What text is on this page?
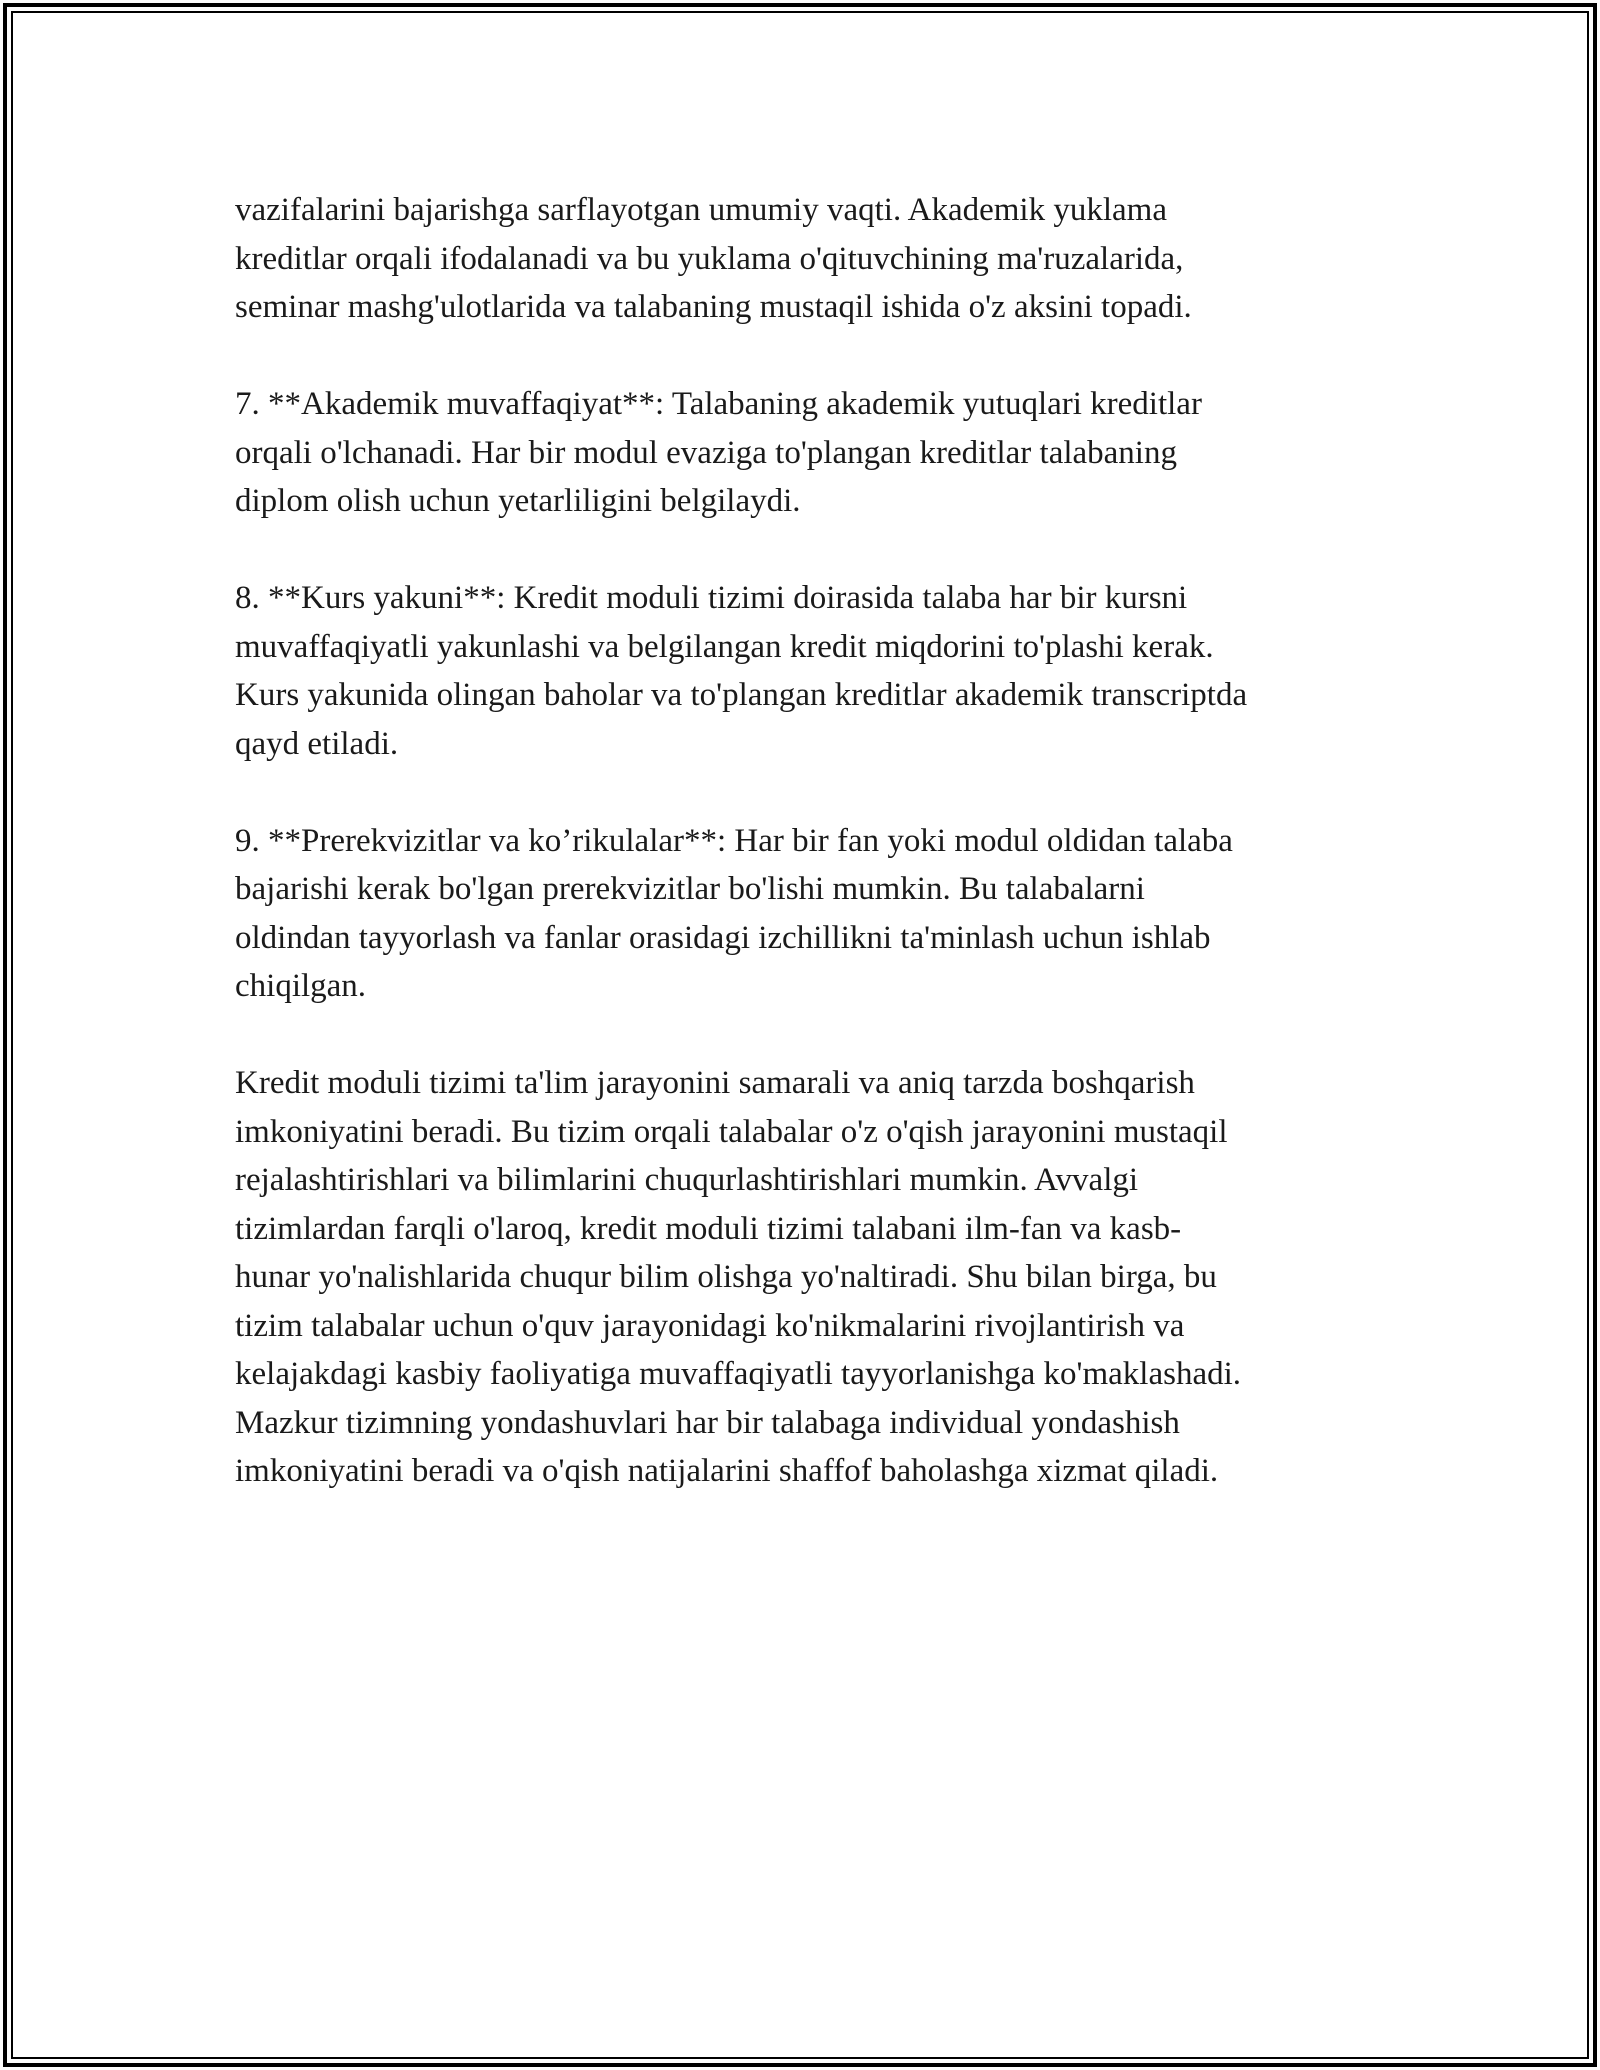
vazifalarini bajarishga sarflayotgan umumiy vaqti. Akademik yuklama
kreditlar orqali ifodalanadi va bu yuklama o'qituvchining ma'ruzalarida,
seminar mashg'ulotlarida va talabaning mustaqil ishida o'z aksini topadi.

7. **Akademik muvaffaqiyat**: Talabaning akademik yutuqlari kreditlar
orqali o'lchanadi. Har bir modul evaziga to'plangan kreditlar talabaning
diplom olish uchun yetarliligini belgilaydi.

8. **Kurs yakuni**: Kredit moduli tizimi doirasida talaba har bir kursni
muvaffaqiyatli yakunlashi va belgilangan kredit miqdorini to'plashi kerak.
Kurs yakunida olingan baholar va to'plangan kreditlar akademik transcriptda
qayd etiladi.

9. **Prerekvizitlar va ko’rikulalar**: Har bir fan yoki modul oldidan talaba
bajarishi kerak bo'lgan prerekvizitlar bo'lishi mumkin. Bu talabalarni
oldindan tayyorlash va fanlar orasidagi izchillikni ta'minlash uchun ishlab
chiqilgan.

Kredit moduli tizimi ta'lim jarayonini samarali va aniq tarzda boshqarish
imkoniyatini beradi. Bu tizim orqali talabalar o'z o'qish jarayonini mustaqil
rejalashtirishlari va bilimlarini chuqurlashtirishlari mumkin. Avvalgi
tizimlardan farqli o'laroq, kredit moduli tizimi talabani ilm-fan va kasb-
hunar yo'nalishlarida chuqur bilim olishga yo'naltiradi. Shu bilan birga, bu
tizim talabalar uchun o'quv jarayonidagi ko'nikmalarini rivojlantirish va
kelajakdagi kasbiy faoliyatiga muvaffaqiyatli tayyorlanishga ko'maklashadi.
Mazkur tizimning yondashuvlari har bir talabaga individual yondashish
imkoniyatini beradi va o'qish natijalarini shaffof baholashga xizmat qiladi.
